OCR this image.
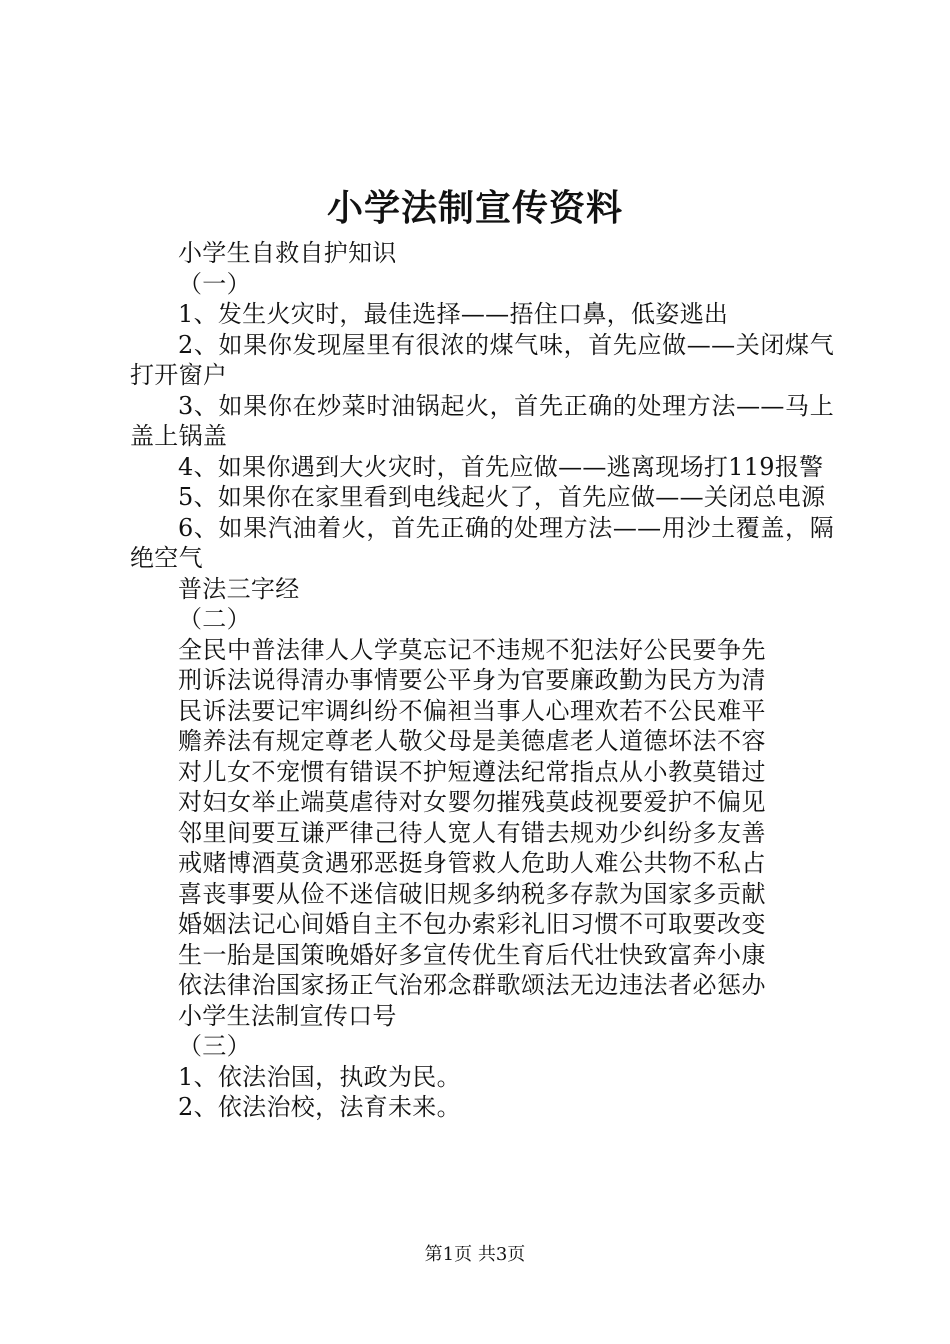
小学法制宣传资料

小学生自救自护知识

（一）

1、发生火灾时，最佳选择——捂住口鼻，低姿逃出

2、如果你发现屋里有很浓的煤气味，首先应做——关闭煤气打开窗户

3、如果你在炒菜时油锅起火，首先正确的处理方法——马上盖上锅盖

4、如果你遇到大火灾时，首先应做——逃离现场打119报警

5、如果你在家里看到电线起火了，首先应做——关闭总电源

6、如果汽油着火，首先正确的处理方法——用沙土覆盖，隔绝空气

普法三字经

（二）

全民中普法律人人学莫忘记不违规不犯法好公民要争先

刑诉法说得清办事情要公平身为官要廉政勤为民方为清

民诉法要记牢调纠纷不偏袒当事人心理欢若不公民难平

赡养法有规定尊老人敬父母是美德虐老人道德坏法不容

对儿女不宠惯有错误不护短遵法纪常指点从小教莫错过

对妇女举止端莫虐待对女婴勿摧残莫歧视要爱护不偏见

邻里间要互谦严律己待人宽人有错去规劝少纠纷多友善

戒赌博酒莫贪遇邪恶挺身管救人危助人难公共物不私占

喜丧事要从俭不迷信破旧规多纳税多存款为国家多贡献

婚姻法记心间婚自主不包办索彩礼旧习惯不可取要改变

生一胎是国策晚婚好多宣传优生育后代壮快致富奔小康

依法律治国家扬正气治邪念群歌颂法无边违法者必惩办

小学生法制宣传口号

（三）

1、依法治国，执政为民。

2、依法治校，法育未来。

第1页 共3页
